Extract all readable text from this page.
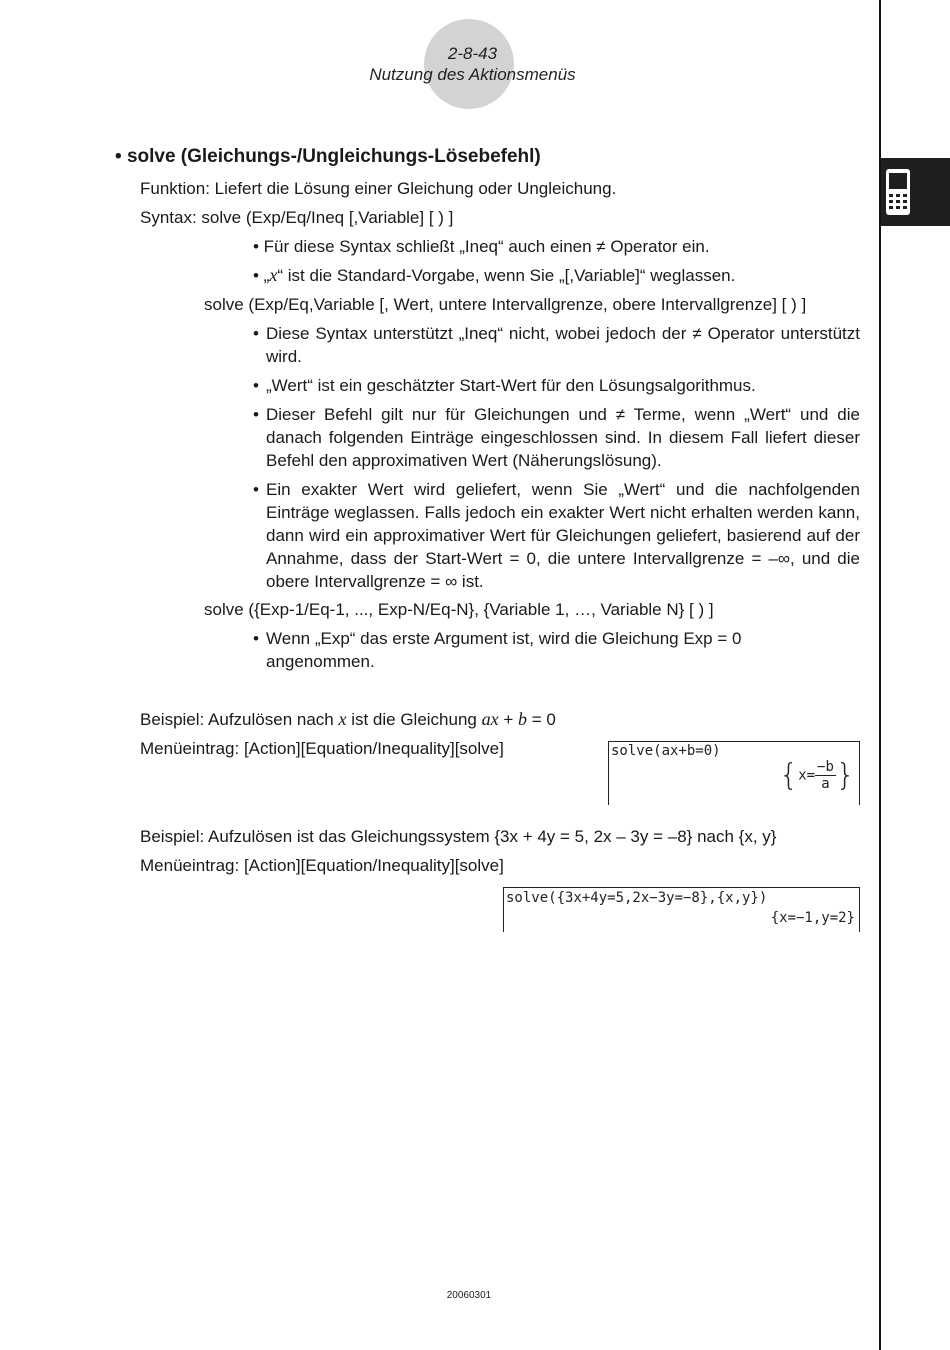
2-8-43
Nutzung des Aktionsmenüs
• solve (Gleichungs-/Ungleichungs-Lösebefehl)
Funktion: Liefert die Lösung einer Gleichung oder Ungleichung.
Syntax: solve (Exp/Eq/Ineq [,Variable] [ ) ]
• Für diese Syntax schließt „Ineq“ auch einen ≠ Operator ein.
• „x“ ist die Standard-Vorgabe, wenn Sie „[,Variable]“ weglassen.
solve (Exp/Eq,Variable [, Wert, untere Intervallgrenze, obere Intervallgrenze] [ ) ]
• Diese Syntax unterstützt „Ineq“ nicht, wobei jedoch der ≠ Operator unterstützt wird.
• „Wert“ ist ein geschätzter Start-Wert für den Lösungsalgorithmus.
• Dieser Befehl gilt nur für Gleichungen und ≠ Terme, wenn „Wert“ und die danach folgenden Einträge eingeschlossen sind. In diesem Fall liefert dieser Befehl den approximativen Wert (Näherungslösung).
• Ein exakter Wert wird geliefert, wenn Sie „Wert“ und die nachfolgenden Einträge weglassen. Falls jedoch ein exakter Wert nicht erhalten werden kann, dann wird ein approximativer Wert für Gleichungen geliefert, basierend auf der Annahme, dass der Start-Wert = 0, die untere Intervallgrenze = –∞, und die obere Intervallgrenze = ∞ ist.
solve ({Exp-1/Eq-1, ..., Exp-N/Eq-N}, {Variable 1, …, Variable N} [ ) ]
• Wenn „Exp“ das erste Argument ist, wird die Gleichung Exp = 0 angenommen.
Beispiel: Aufzulösen nach x ist die Gleichung ax + b = 0
Menüeintrag: [Action][Equation/Inequality][solve]	solve(ax+b=0)
{$x= \frac{-b}{a}$ }
Beispiel: Aufzulösen ist das Gleichungssystem {3x + 4y = 5, 2x – 3y = –8} nach {x, y}
Menüeintrag: [Action][Equation/Inequality][solve]
solve({3x+4y=5,2x−3y=−8},{x,y})
{x=−1,y=2}
20060301
